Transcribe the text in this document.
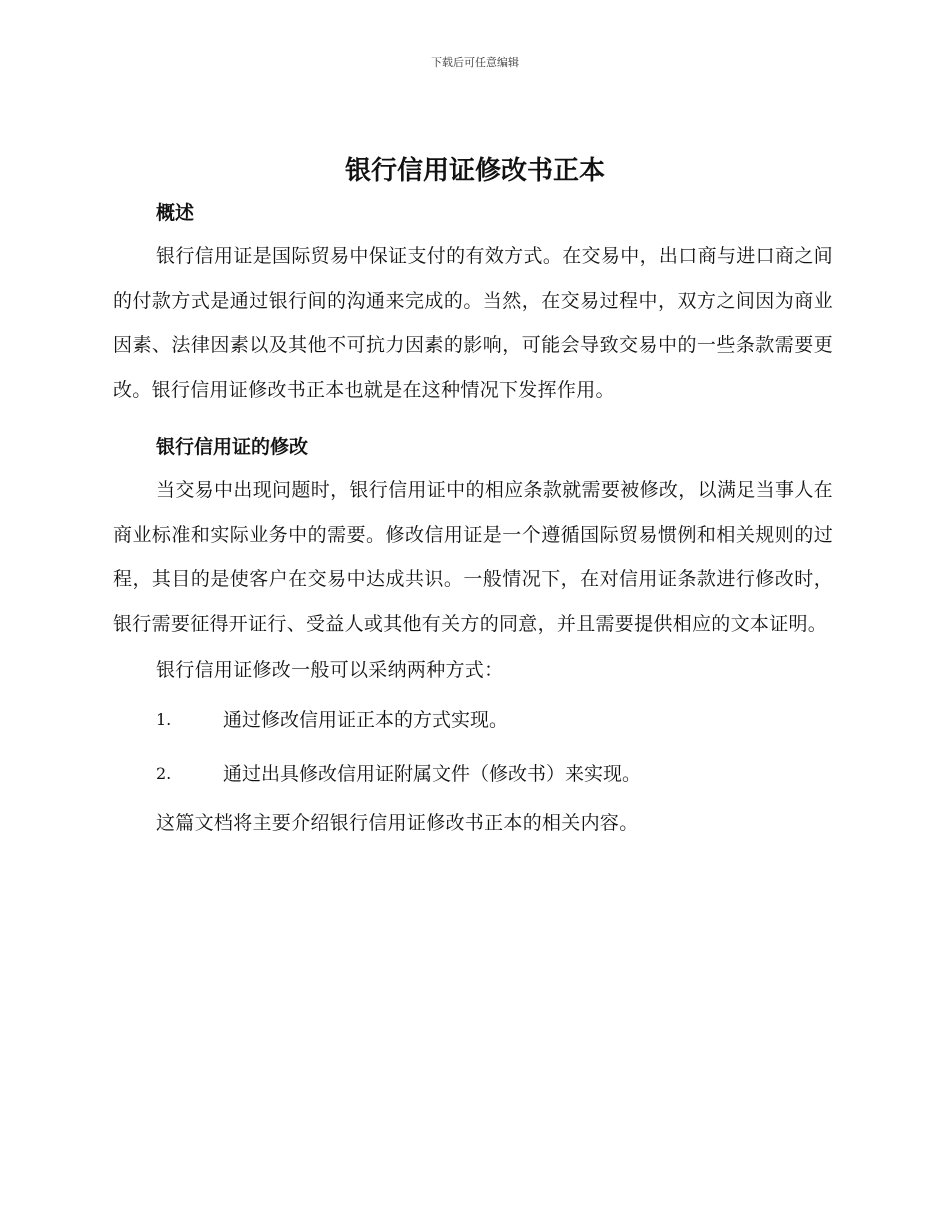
下载后可任意编辑
银行信用证修改书正本

概述

银行信用证是国际贸易中保证支付的有效方式。在交易中，出口商与进口商之间的付款方式是通过银行间的沟通来完成的。当然，在交易过程中，双方之间因为商业因素、法律因素以及其他不可抗力因素的影响，可能会导致交易中的一些条款需要更改。银行信用证修改书正本也就是在这种情况下发挥作用。

银行信用证的修改

当交易中出现问题时，银行信用证中的相应条款就需要被修改，以满足当事人在商业标准和实际业务中的需要。修改信用证是一个遵循国际贸易惯例和相关规则的过程，其目的是使客户在交易中达成共识。一般情况下，在对信用证条款进行修改时，银行需要征得开证行、受益人或其他有关方的同意，并且需要提供相应的文本证明。

银行信用证修改一般可以采纳两种方式：

1.	通过修改信用证正本的方式实现。
2.	通过出具修改信用证附属文件（修改书）来实现。

这篇文档将主要介绍银行信用证修改书正本的相关内容。
